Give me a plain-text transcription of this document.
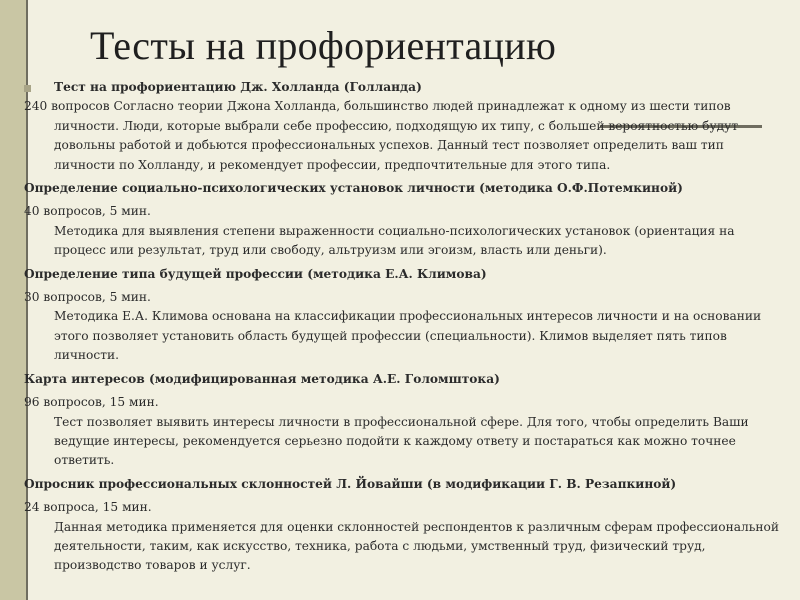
Тесты на профориентацию
Тест на профориентацию Дж. Холланда (Голланда)
240 вопросов Согласно теории Джона Холланда, большинство людей принадлежат к одному из шести типов
личности. Люди, которые выбрали себе профессию, подходящую их типу, с большей вероятностью будут
довольны работой и добьются профессиональных успехов. Данный тест позволяет определить ваш тип
личности по Холланду, и рекомендует профессии, предпочтительные для этого типа.
Определение социально-психологических установок личности (методика О.Ф.Потемкиной)
40 вопросов, 5 мин.
Методика для выявления степени выраженности социально-психологических установок (ориентация на
процесс или результат, труд или свободу, альтруизм или эгоизм, власть или деньги).
Определение типа будущей профессии (методика Е.А. Климова)
30 вопросов, 5 мин.
Методика Е.А. Климова основана на классификации профессиональных интересов личности и на основании
этого позволяет установить область будущей профессии (специальности). Климов выделяет пять типов
личности.
Карта интересов (модифицированная методика А.Е. Голомштока)
96 вопросов, 15 мин.
Тест позволяет выявить интересы личности в профессиональной сфере. Для того, чтобы определить Ваши
ведущие интересы, рекомендуется серьезно подойти к каждому ответу и постараться как можно точнее
ответить.
Опросник профессиональных склонностей Л. Йовайши (в модификации Г. В. Резапкиной)
24 вопроса, 15 мин.
Данная методика применяется для оценки склонностей респондентов к различным сферам профессиональной
деятельности, таким, как искусство, техника, работа с людьми, умственный труд, физический труд,
производство товаров и услуг.
